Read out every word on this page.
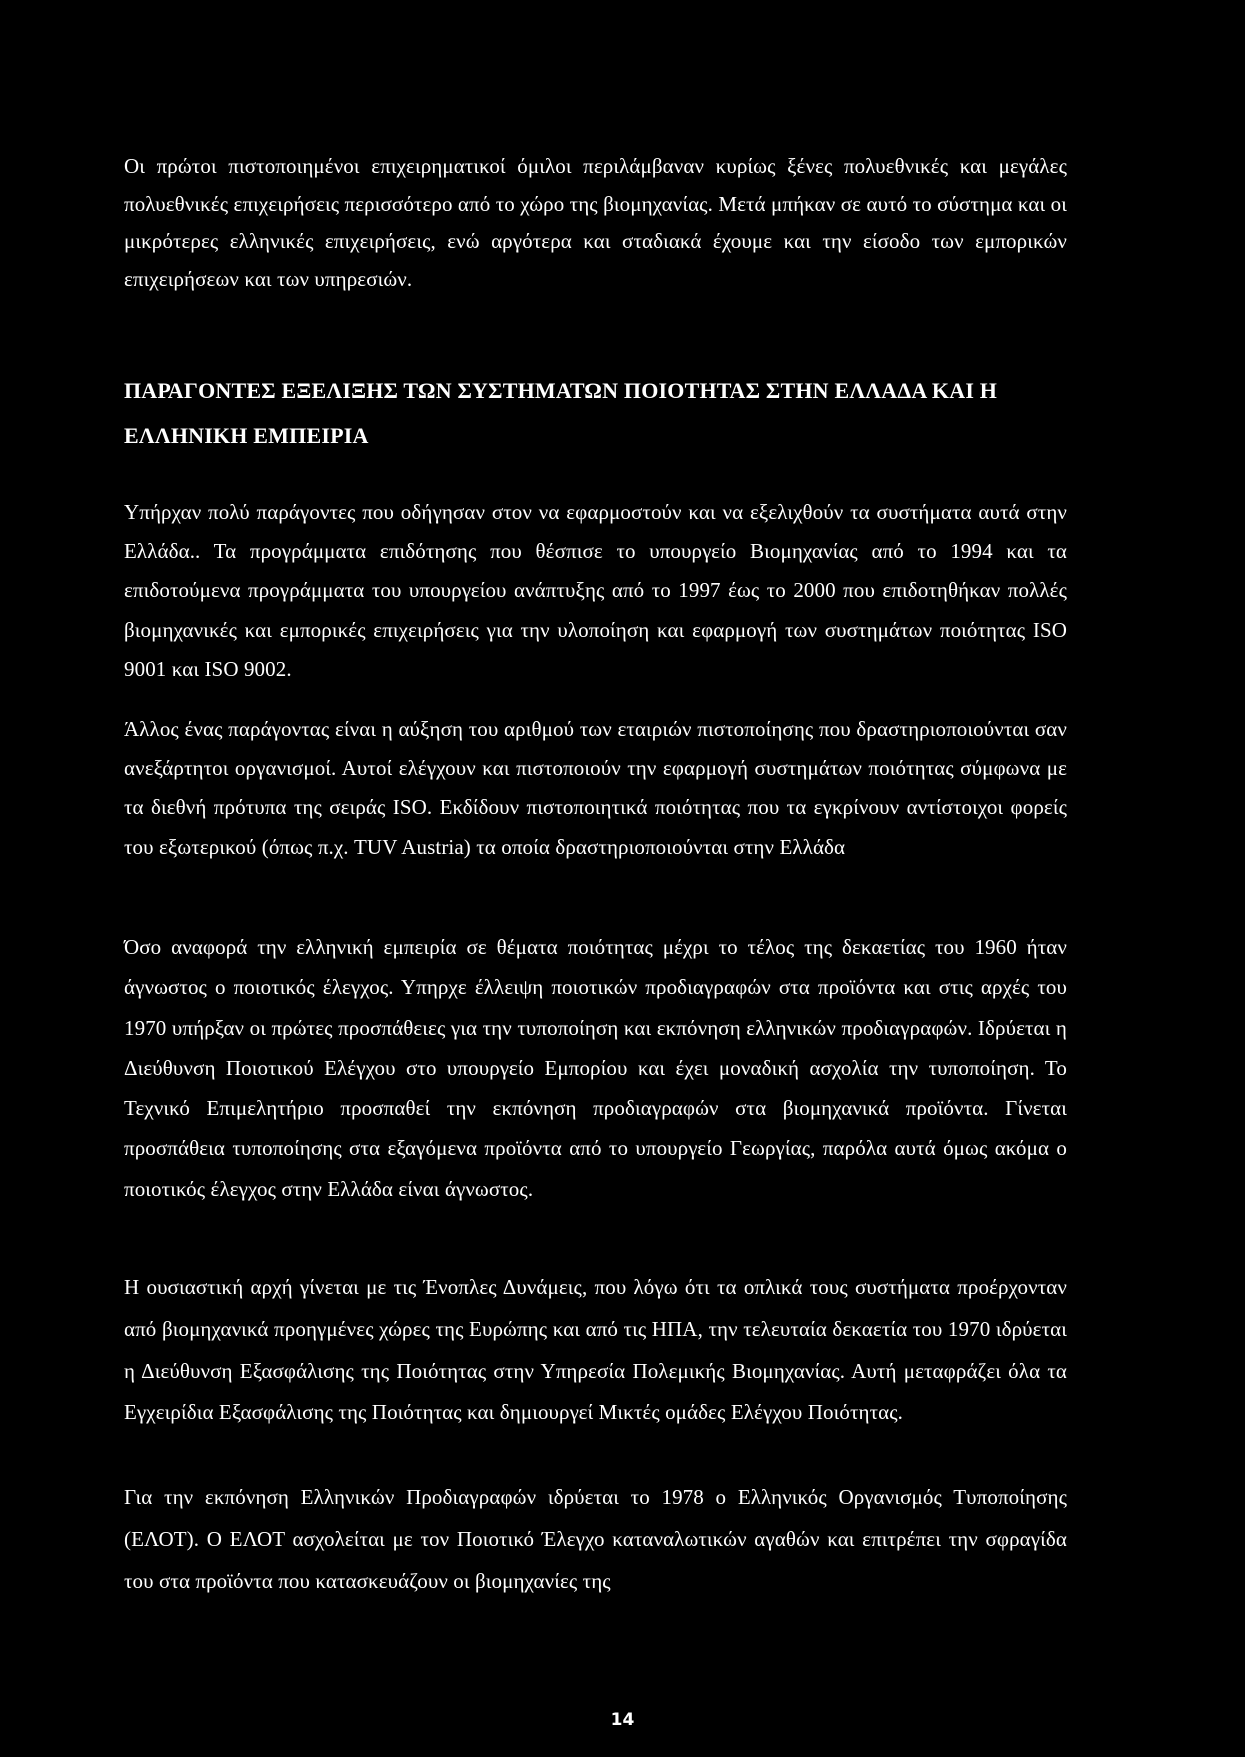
Οι πρώτοι πιστοποιημένοι επιχειρηματικοί όμιλοι περιλάμβαναν κυρίως ξένες πολυεθνικές και μεγάλες πολυεθνικές επιχειρήσεις περισσότερο από το χώρο της βιομηχανίας. Μετά μπήκαν σε αυτό το σύστημα και οι μικρότερες ελληνικές επιχειρήσεις, ενώ αργότερα και σταδιακά έχουμε και την είσοδο των εμπορικών επιχειρήσεων και των υπηρεσιών.

ΠΑΡΑΓΟΝΤΕΣ ΕΞΕΛΙΞΗΣ ΤΩΝ ΣΥΣΤΗΜΑΤΩΝ ΠΟΙΟΤΗΤΑΣ ΣΤΗΝ ΕΛΛΑΔΑ ΚΑΙ Η ΕΛΛΗΝΙΚΗ ΕΜΠΕΙΡΙΑ

Υπήρχαν πολύ παράγοντες που οδήγησαν στον να εφαρμοστούν και να εξελιχθούν τα συστήματα αυτά στην Ελλάδα.. Τα προγράμματα επιδότησης που θέσπισε το υπουργείο Βιομηχανίας από το 1994 και τα επιδοτούμενα προγράμματα του υπουργείου ανάπτυξης από το 1997 έως το 2000 που επιδοτηθήκαν πολλές βιομηχανικές και εμπορικές επιχειρήσεις για την υλοποίηση και εφαρμογή των συστημάτων ποιότητας ISO 9001 και ISO 9002.

Άλλος ένας παράγοντας είναι η αύξηση του αριθμού των εταιριών πιστοποίησης που δραστηριοποιούνται σαν ανεξάρτητοι οργανισμοί. Αυτοί ελέγχουν και πιστοποιούν την εφαρμογή συστημάτων ποιότητας σύμφωνα με τα διεθνή πρότυπα της σειράς ISO. Εκδίδουν πιστοποιητικά ποιότητας που τα εγκρίνουν αντίστοιχοι φορείς του εξωτερικού (όπως π.χ. TUV Austria) τα οποία δραστηριοποιούνται στην Ελλάδα

Όσο αναφορά την ελληνική εμπειρία σε θέματα ποιότητας μέχρι το τέλος της δεκαετίας του 1960 ήταν άγνωστος ο ποιοτικός έλεγχος. Υπηρχε έλλειψη ποιοτικών προδιαγραφών στα προϊόντα και στις αρχές του 1970 υπήρξαν οι πρώτες προσπάθειες για την τυποποίηση και εκπόνηση ελληνικών προδιαγραφών. Ιδρύεται η Διεύθυνση Ποιοτικού Ελέγχου στο υπουργείο Εμπορίου και έχει μοναδική ασχολία την τυποποίηση. Το Τεχνικό Επιμελητήριο προσπαθεί την εκπόνηση προδιαγραφών στα βιομηχανικά προϊόντα. Γίνεται προσπάθεια τυποποίησης στα εξαγόμενα προϊόντα από το υπουργείο Γεωργίας, παρόλα αυτά όμως ακόμα ο ποιοτικός έλεγχος στην Ελλάδα είναι άγνωστος.

Η ουσιαστική αρχή γίνεται με τις Ένοπλες Δυνάμεις, που λόγω ότι τα οπλικά τους συστήματα προέρχονταν από βιομηχανικά προηγμένες χώρες της Ευρώπης και από τις ΗΠΑ, την τελευταία δεκαετία του 1970 ιδρύεται η Διεύθυνση Εξασφάλισης της Ποιότητας στην Υπηρεσία Πολεμικής Βιομηχανίας. Αυτή μεταφράζει όλα τα Εγχειρίδια Εξασφάλισης της Ποιότητας και δημιουργεί Μικτές ομάδες Ελέγχου Ποιότητας.

Για την εκπόνηση Ελληνικών Προδιαγραφών ιδρύεται το 1978 ο Ελληνικός Οργανισμός Τυποποίησης (ΕΛΟΤ). Ο ΕΛΟΤ ασχολείται με τον Ποιοτικό Έλεγχο καταναλωτικών αγαθών και επιτρέπει την σφραγίδα του στα προϊόντα που κατασκευάζουν οι βιομηχανίες της

14
